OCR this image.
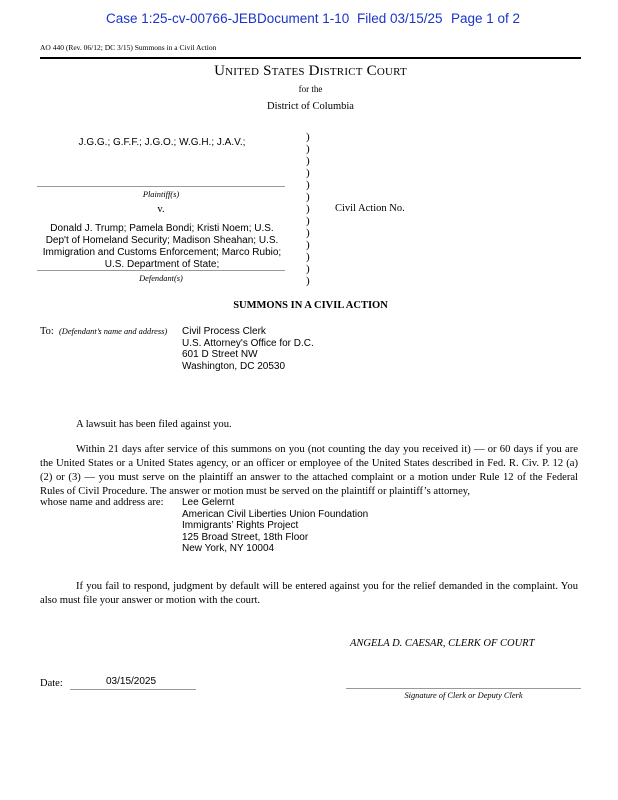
Case 1:25-cv-00766-JEB Document 1-10 Filed 03/15/25 Page 1 of 2
AO 440 (Rev. 06/12; DC 3/15) Summons in a Civil Action
United States District Court
for the
District of Columbia
J.G.G.; G.F.F.; J.G.O.; W.G.H.; J.A.V.;
Plaintiff(s)
v.
Donald J. Trump; Pamela Bondi; Kristi Noem; U.S. Dep't of Homeland Security; Madison Sheahan; U.S. Immigration and Customs Enforcement; Marco Rubio; U.S. Department of State;
Defendant(s)
)
)
)
)
)
)
)
)
)
)
)
)
)
Civil Action No.
SUMMONS IN A CIVIL ACTION
To: (Defendant’s name and address) Civil Process Clerk
U.S. Attorney's Office for D.C.
601 D Street NW
Washington, DC 20530
A lawsuit has been filed against you.
Within 21 days after service of this summons on you (not counting the day you received it) — or 60 days if you are the United States or a United States agency, or an officer or employee of the United States described in Fed. R. Civ. P. 12 (a)(2) or (3) — you must serve on the plaintiff an answer to the attached complaint or a motion under Rule 12 of the Federal Rules of Civil Procedure. The answer or motion must be served on the plaintiff or plaintiff’s attorney,
whose name and address are: Lee Gelernt
American Civil Liberties Union Foundation
Immigrants’ Rights Project
125 Broad Street, 18th Floor
New York, NY 10004
If you fail to respond, judgment by default will be entered against you for the relief demanded in the complaint. You also must file your answer or motion with the court.
ANGELA D. CAESAR, CLERK OF COURT
Date:	03/15/2025
Signature of Clerk or Deputy Clerk
